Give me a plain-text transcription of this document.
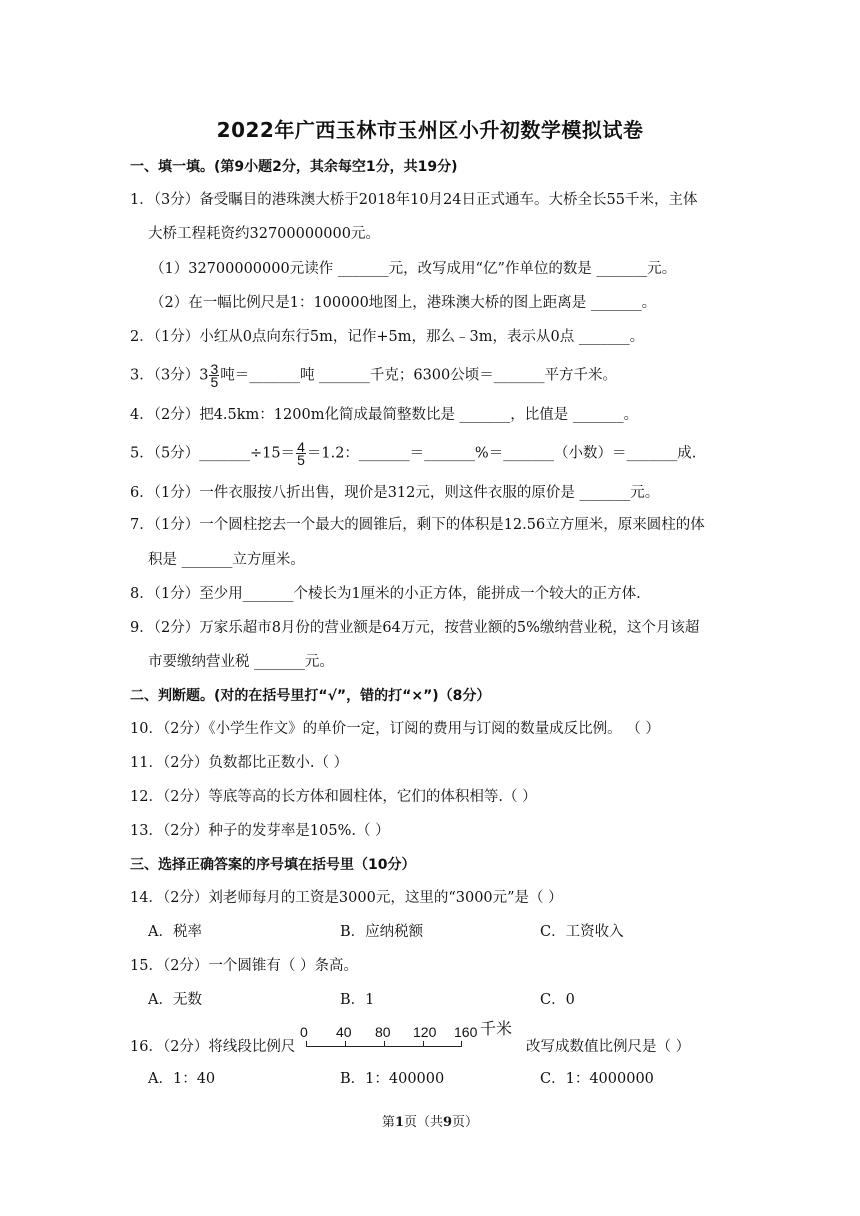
2022年广西玉林市玉州区小升初数学模拟试卷
一、填一填。(第9小题2分，其余每空1分，共19分)
1．（3分）备受瞩目的港珠澳大桥于2018年10月24日正式通车。大桥全长55千米，主体
大桥工程耗资约32700000000元。
（1）32700000000元读作 _______元，改写成用“亿”作单位的数是 _______元。
（2）在一幅比例尺是1：100000地图上，港珠澳大桥的图上距离是 _______。
2．（1分）小红从0点向东行5m，记作+5m，那么﹣3m，表示从0点 _______。
3．（3分）$3 \frac{3}{5}$ 吨＝_______吨 _______千克；6300公顷＝_______平方千米。
4．（2分）把4.5km：1200m化简成最简整数比是 _______，比值是 _______。
5．（5分）_______÷15＝ $\frac{4}{5} =1.2$：_______＝_______%＝_______（小数）＝_______成.
6．（1分）一件衣服按八折出售，现价是312元，则这件衣服的原价是 _______元。
7．（1分）一个圆柱挖去一个最大的圆锥后，剩下的体积是12.56立方厘米，原来圆柱的体
积是 _______立方厘米。
8．（1分）至少用_______个棱长为1厘米的小正方体，能拼成一个较大的正方体.
9．（2分）万家乐超市8月份的营业额是64万元，按营业额的5%缴纳营业税，这个月该超
市要缴纳营业税 _______元。
二、判断题。(对的在括号里打“√”，错的打“×”)（8分）
10．（2分）《小学生作文》的单价一定，订阅的费用与订阅的数量成反比例。 （ ）
11．（2分）负数都比正数小.（ ）
12．（2分）等底等高的长方体和圆柱体，它们的体积相等.（ ）
13．（2分）种子的发芽率是105%.（ ）
三、选择正确答案的序号填在括号里（10分）
14．（2分）刘老师每月的工资是3000元，这里的“3000元”是（ ）
A．税率	B．应纳税额	C．工资收入
15．（2分）一个圆锥有（ ）条高。
A．无数	B．1	C．0
16．（2分）将线段比例尺
0 40 80 120 160 千米
改写成数值比例尺是（ ）
A．1：40	B．1：400000	C．1：4000000
第1页（共9页）
